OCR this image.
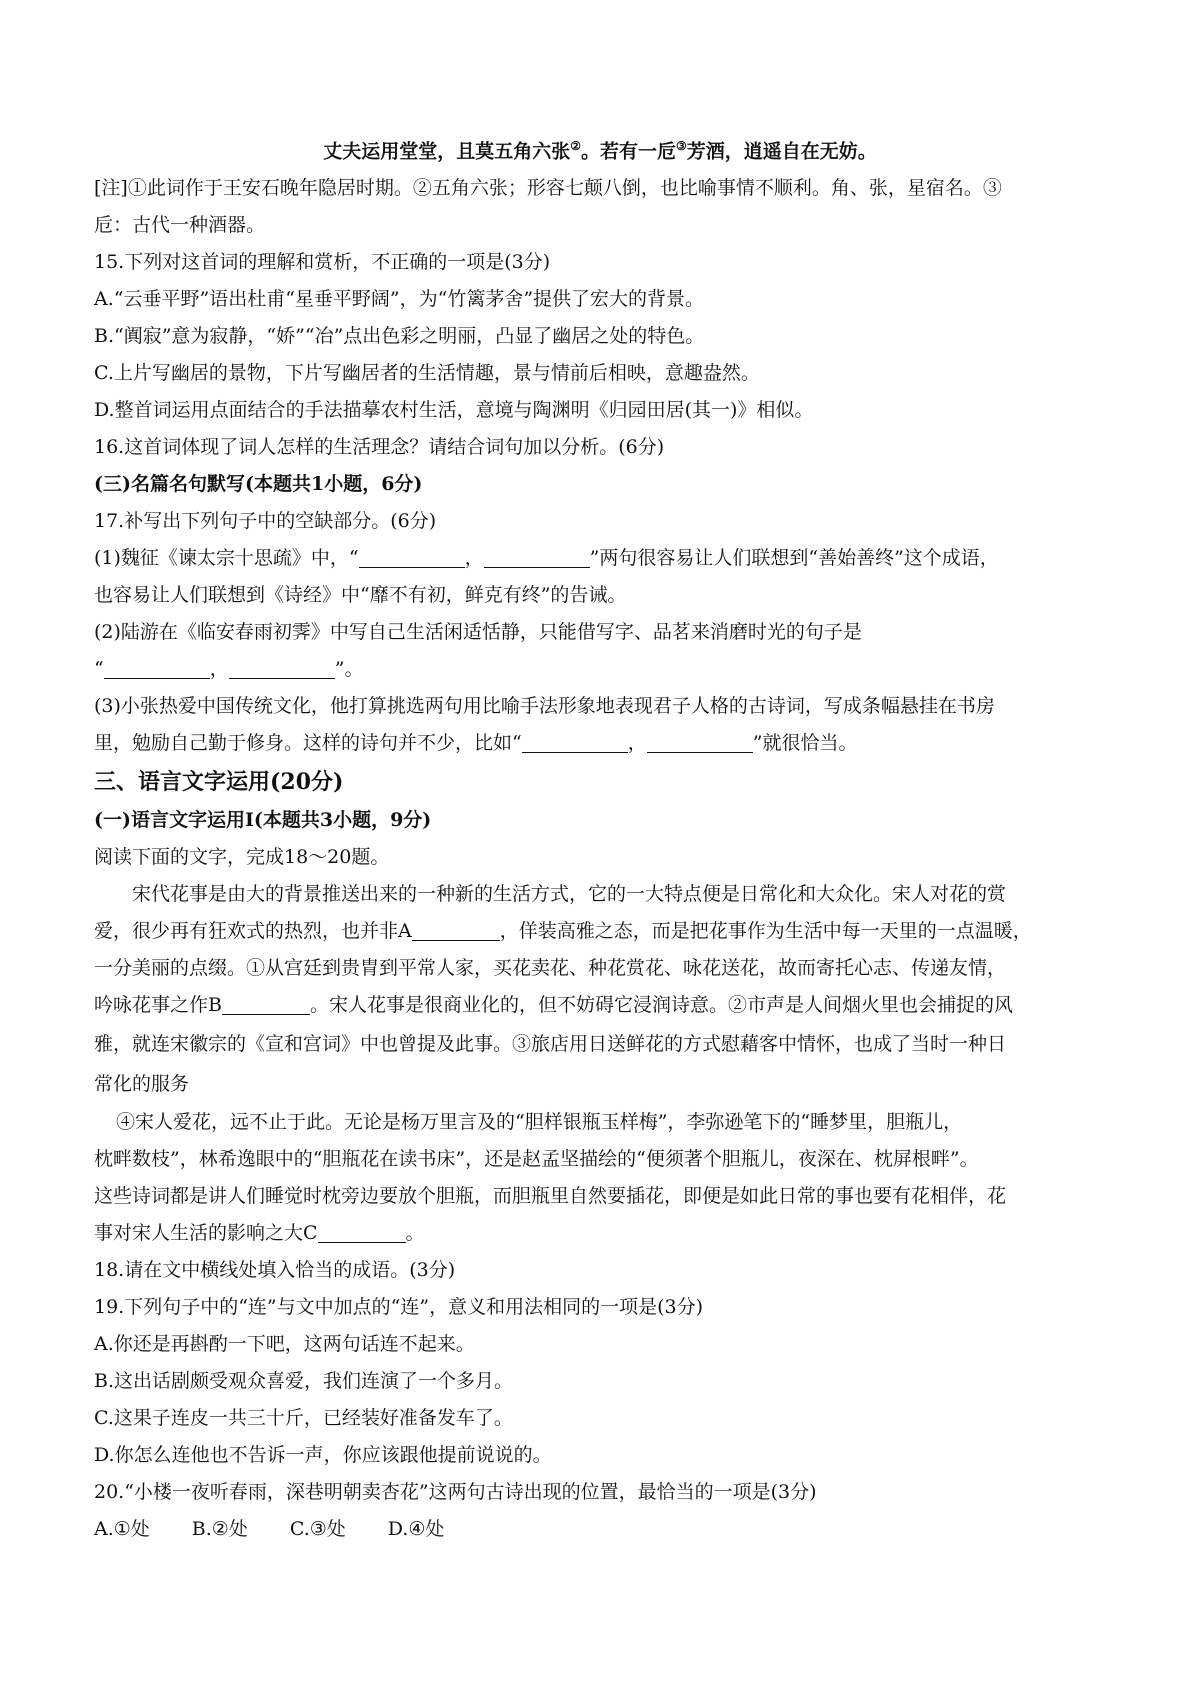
丈夫运用堂堂，且莫五角六张②。若有一卮③芳酒，逍遥自在无妨。
[注]①此词作于王安石晚年隐居时期。②五角六张；形容七颠八倒，也比喻事情不顺利。角、张，星宿名。③
卮：古代一种酒器。
15.下列对这首词的理解和赏析，不正确的一项是(3分)
A.“云垂平野”语出杜甫“星垂平野阔”，为“竹篱茅舍”提供了宏大的背景。
B.“阗寂”意为寂静，“娇”“冶”点出色彩之明丽，凸显了幽居之处的特色。
C.上片写幽居的景物，下片写幽居者的生活情趣，景与情前后相映，意趣盎然。
D.整首词运用点面结合的手法描摹农村生活，意境与陶渊明《归园田居(其一)》相似。
16.这首词体现了词人怎样的生活理念？请结合词句加以分析。(6分)
(三)名篇名句默写(本题共1小题，6分)
17.补写出下列句子中的空缺部分。(6分)
(1)魏征《谏太宗十思疏》中，“	，	”两句很容易让人们联想到“善始善终”这个成语，
也容易让人们联想到《诗经》中“靡不有初，鲜克有终”的告诫。
(2)陆游在《临安春雨初霁》中写自己生活闲适恬静，只能借写字、品茗来消磨时光的句子是
“	，	”。
(3)小张热爱中国传统文化，他打算挑选两句用比喻手法形象地表现君子人格的古诗词，写成条幅悬挂在书房
里，勉励自己勤于修身。这样的诗句并不少，比如“	，	”就很恰当。
三、语言文字运用(20分)
(一)语言文字运用Ⅰ(本题共3小题，9分)
阅读下面的文字，完成18～20题。
宋代花事是由大的背景推送出来的一种新的生活方式，它的一大特点便是日常化和大众化。宋人对花的赏
爱，很少再有狂欢式的热烈，也并非A	，佯装高雅之态，而是把花事作为生活中每一天里的一点温暖，
一分美丽的点缀。①从宫廷到贵胄到平常人家，买花卖花、种花赏花、咏花送花，故而寄托心志、传递友情，
吟咏花事之作B	。宋人花事是很商业化的，但不妨碍它浸润诗意。②市声是人间烟火里也会捕捉的风
雅，就连宋徽宗的《宣和宫词》中也曾提及此事。③旅店用日送鲜花的方式慰藉客中情怀，也成了当时一种日
常化的服务
④宋人爱花，远不止于此。无论是杨万里言及的“胆样银瓶玉样梅”，李弥逊笔下的“睡梦里，胆瓶儿，
枕畔数枝”，林希逸眼中的“胆瓶花在读书床”，还是赵孟坚描绘的“便须著个胆瓶儿，夜深在、枕屏根畔”。
这些诗词都是讲人们睡觉时枕旁边要放个胆瓶，而胆瓶里自然要插花，即便是如此日常的事也要有花相伴，花
事对宋人生活的影响之大C	。
18.请在文中横线处填入恰当的成语。(3分)
19.下列句子中的“连”与文中加点的“连”，意义和用法相同的一项是(3分)
A.你还是再斟酌一下吧，这两句话连不起来。
B.这出话剧颇受观众喜爱，我们连演了一个多月。
C.这果子连皮一共三十斤，已经装好准备发车了。
D.你怎么连他也不告诉一声，你应该跟他提前说说的。
20.“小楼一夜听春雨，深巷明朝卖杏花”这两句古诗出现的位置，最恰当的一项是(3分)
A.①处 B.②处 C.③处 D.④处
